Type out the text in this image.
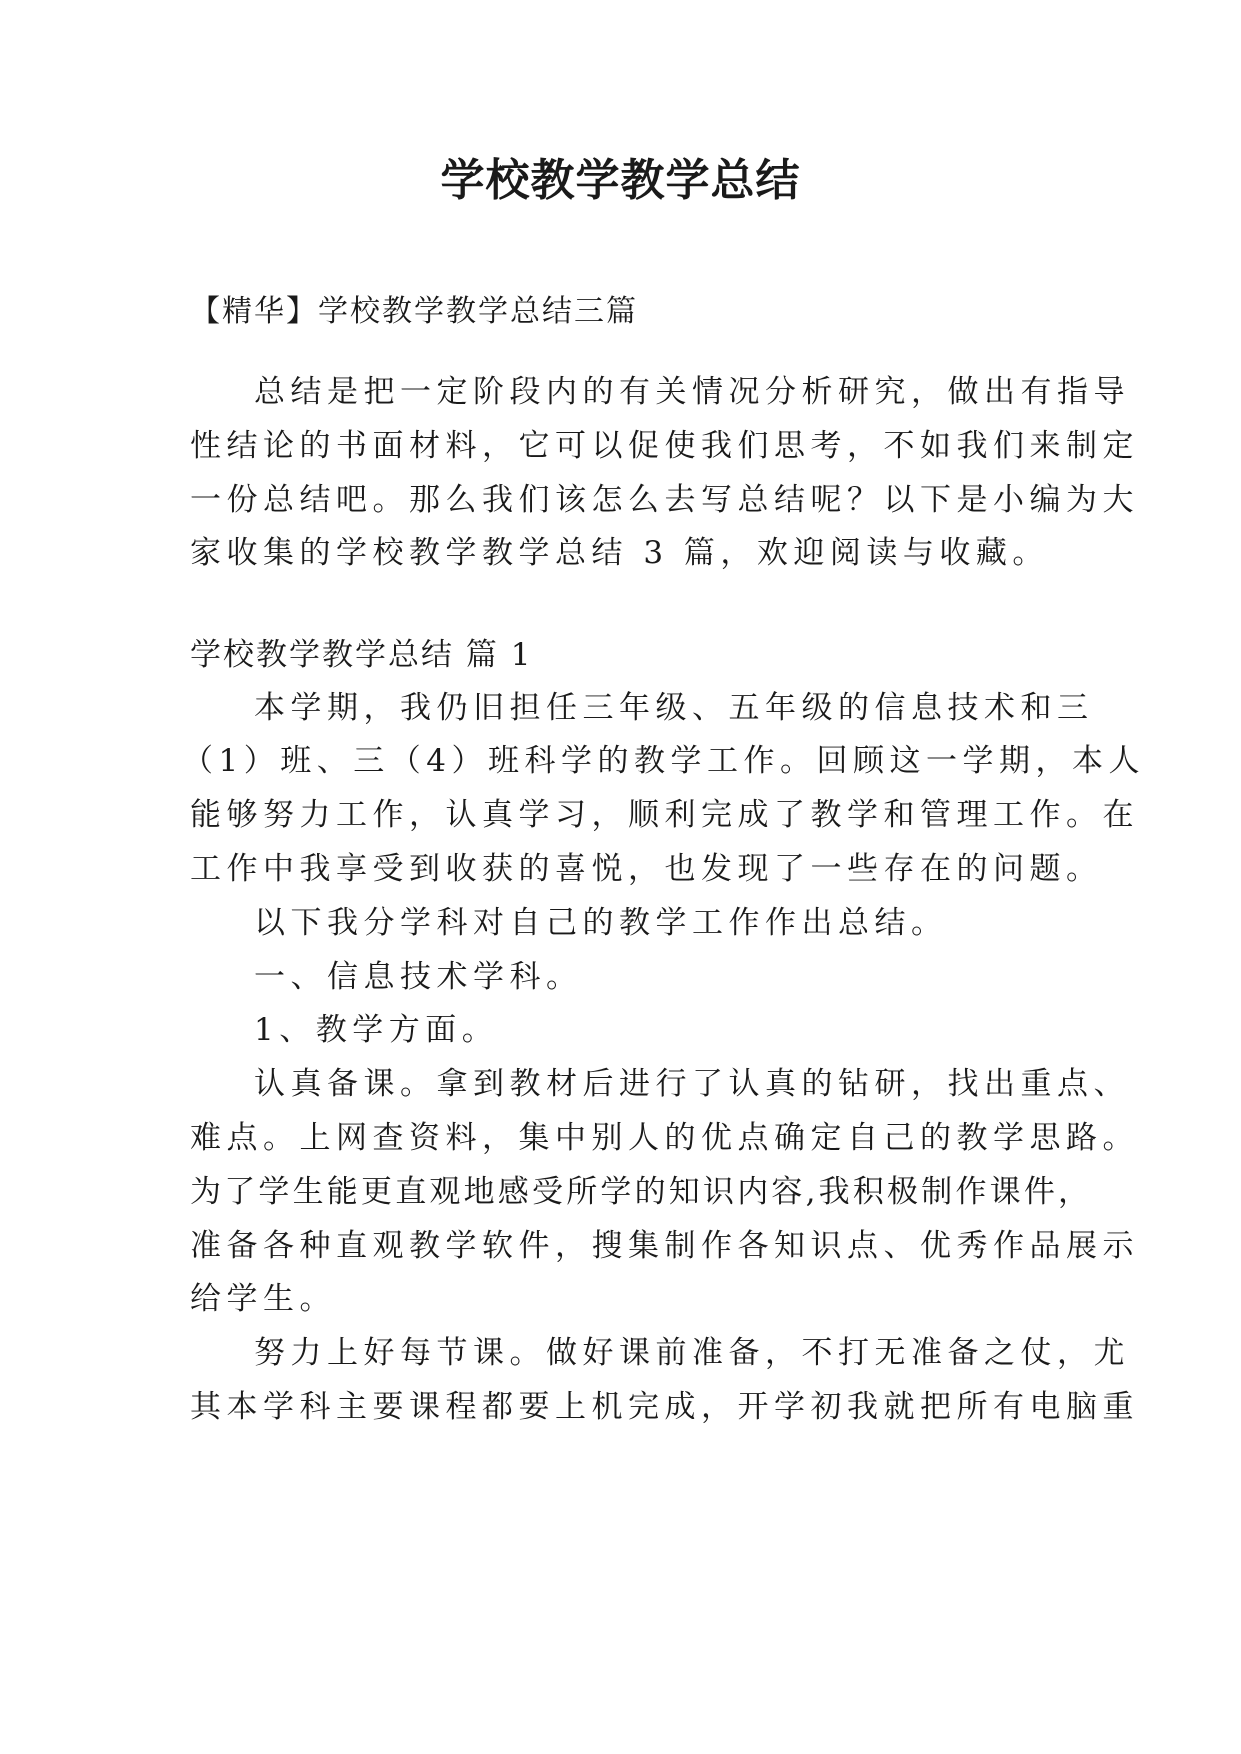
学校教学教学总结
【精华】学校教学教学总结三篇
总结是把一定阶段内的有关情况分析研究，做出有指导
性结论的书面材料，它可以促使我们思考，不如我们来制定
一份总结吧。那么我们该怎么去写总结呢？以下是小编为大
家收集的学校教学教学总结 3 篇，欢迎阅读与收藏。
学校教学教学总结 篇 1
本学期，我仍旧担任三年级、五年级的信息技术和三
（1）班、三（4）班科学的教学工作。回顾这一学期，本人
能够努力工作，认真学习，顺利完成了教学和管理工作。在
工作中我享受到收获的喜悦，也发现了一些存在的问题。
以下我分学科对自己的教学工作作出总结。
一、信息技术学科。
1、教学方面。
认真备课。拿到教材后进行了认真的钻研，找出重点、
难点。上网查资料，集中别人的优点确定自己的教学思路。
为了学生能更直观地感受所学的知识内容,我积极制作课件，
准备各种直观教学软件，搜集制作各知识点、优秀作品展示
给学生。
努力上好每节课。做好课前准备，不打无准备之仗，尤
其本学科主要课程都要上机完成，开学初我就把所有电脑重
